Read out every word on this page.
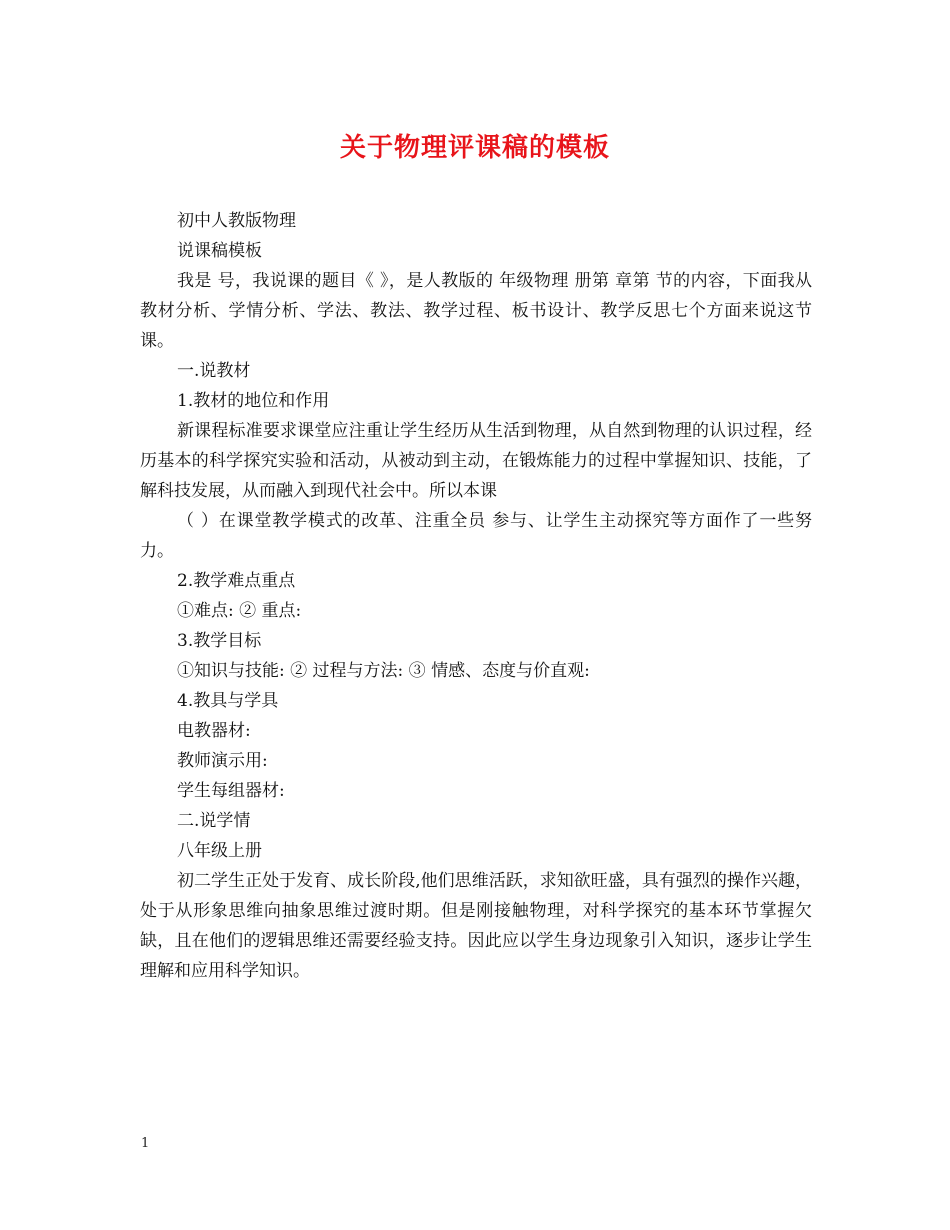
关于物理评课稿的模板

初中人教版物理

说课稿模板

我是 号，我说课的题目《 》，是人教版的 年级物理 册第 章第 节的内容，下面我从教材分析、学情分析、学法、教法、教学过程、板书设计、教学反思七个方面来说这节课。

一.说教材

1.教材的地位和作用

新课程标准要求课堂应注重让学生经历从生活到物理，从自然到物理的认识过程，经历基本的科学探究实验和活动，从被动到主动，在锻炼能力的过程中掌握知识、技能，了解科技发展，从而融入到现代社会中。所以本课

（ ）在课堂教学模式的改革、注重全员 参与、让学生主动探究等方面作了一些努力。

2.教学难点重点

①难点: ② 重点:

3.教学目标

①知识与技能: ② 过程与方法: ③ 情感、态度与价直观:

4.教具与学具

电教器材:

教师演示用:

学生每组器材:

二.说学情

八年级上册

初二学生正处于发育、成长阶段,他们思维活跃，求知欲旺盛，具有强烈的操作兴趣，处于从形象思维向抽象思维过渡时期。但是刚接触物理，对科学探究的基本环节掌握欠缺，且在他们的逻辑思维还需要经验支持。因此应以学生身边现象引入知识，逐步让学生理解和应用科学知识。

1
